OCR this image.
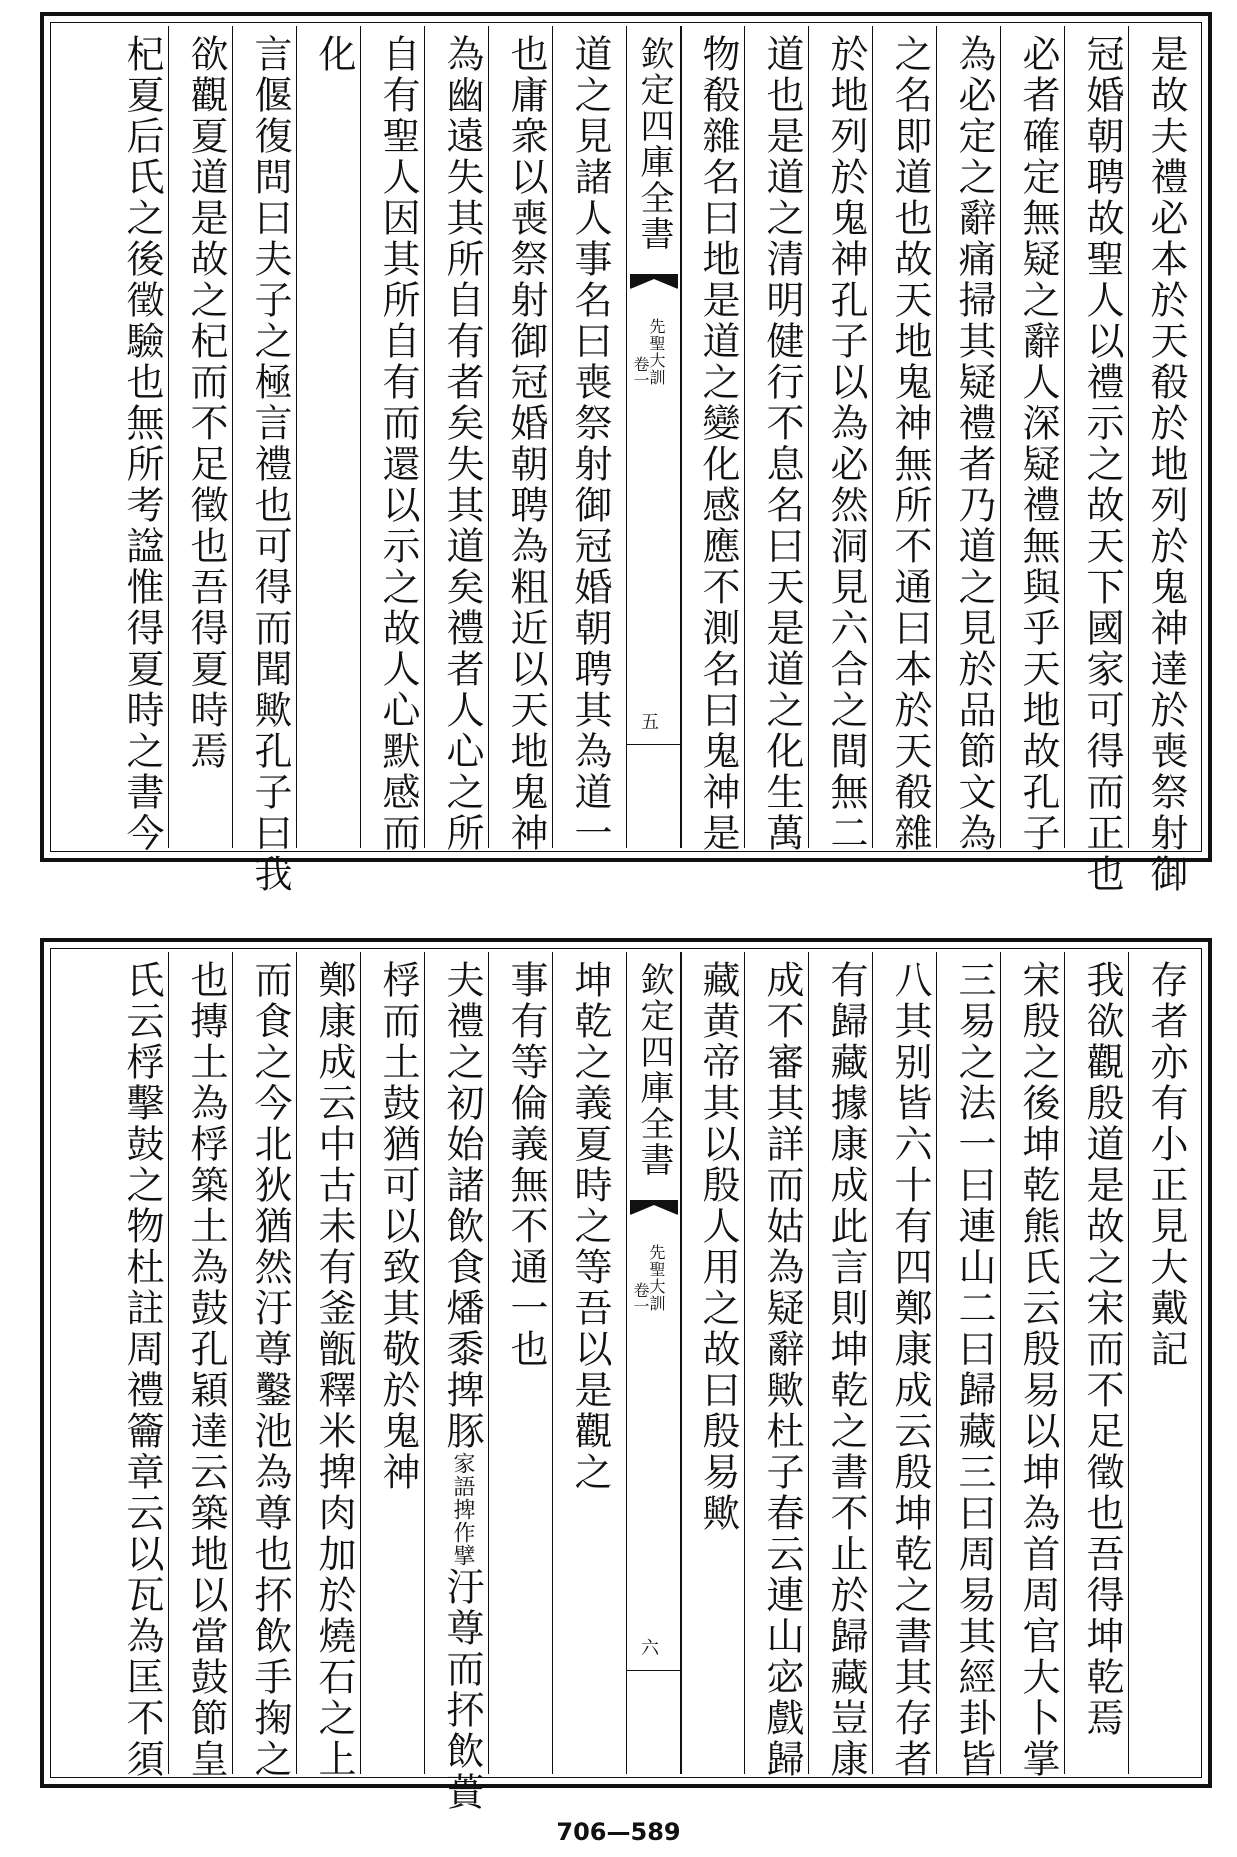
是故夫禮必本於天殽於地列於鬼神達於喪祭射御
冠婚朝聘故聖人以禮示之故天下國家可得而正也
必者確定無疑之辭人深疑禮無與乎天地故孔子
為必定之辭痛掃其疑禮者乃道之見於品節文為
之名即道也故天地鬼神無所不通曰本於天殽雜
於地列於鬼神孔子以為必然洞見六合之間無二
道也是道之清明健行不息名曰天是道之化生萬
物殽雜名曰地是道之變化感應不測名曰鬼神是
欽定四庫全書
先聖大訓
卷一
五
道之見諸人事名曰喪祭射御冠婚朝聘其為道一
也庸衆以喪祭射御冠婚朝聘為粗近以天地鬼神
為幽遠失其所自有者矣失其道矣禮者人心之所
自有聖人因其所自有而還以示之故人心默感而
化
言偃復問曰夫子之極言禮也可得而聞歟孔子曰我
欲觀夏道是故之杞而不足徵也吾得夏時焉
杞夏后氏之後徵驗也無所考諡惟得夏時之書今
存者亦有小正見大戴記
我欲觀殷道是故之宋而不足徵也吾得坤乾焉
宋殷之後坤乾熊氏云殷易以坤為首周官大卜掌
三易之法一曰連山二曰歸藏三曰周易其經卦皆
八其别皆六十有四鄭康成云殷坤乾之書其存者
有歸藏據康成此言則坤乾之書不止於歸藏豈康
成不審其詳而姑為疑辭歟杜子春云連山宓戲歸
藏黄帝其以殷人用之故曰殷易歟
欽定四庫全書
先聖大訓
卷一
六
坤乾之義夏時之等吾以是觀之
事有等倫義無不通一也
夫禮之初始諸飲食燔黍捭豚家語捭作擘汙尊而抔飲蕢
桴而土鼓猶可以致其敬於鬼神
鄭康成云中古未有釜甑釋米捭肉加於燒石之上
而食之今北狄猶然汙尊鑿池為尊也抔飲手掬之
也摶土為桴築土為鼓孔穎達云築地以當鼓節皇
氏云桴擊鼓之物杜註周禮籥章云以瓦為匡不須
706—589
